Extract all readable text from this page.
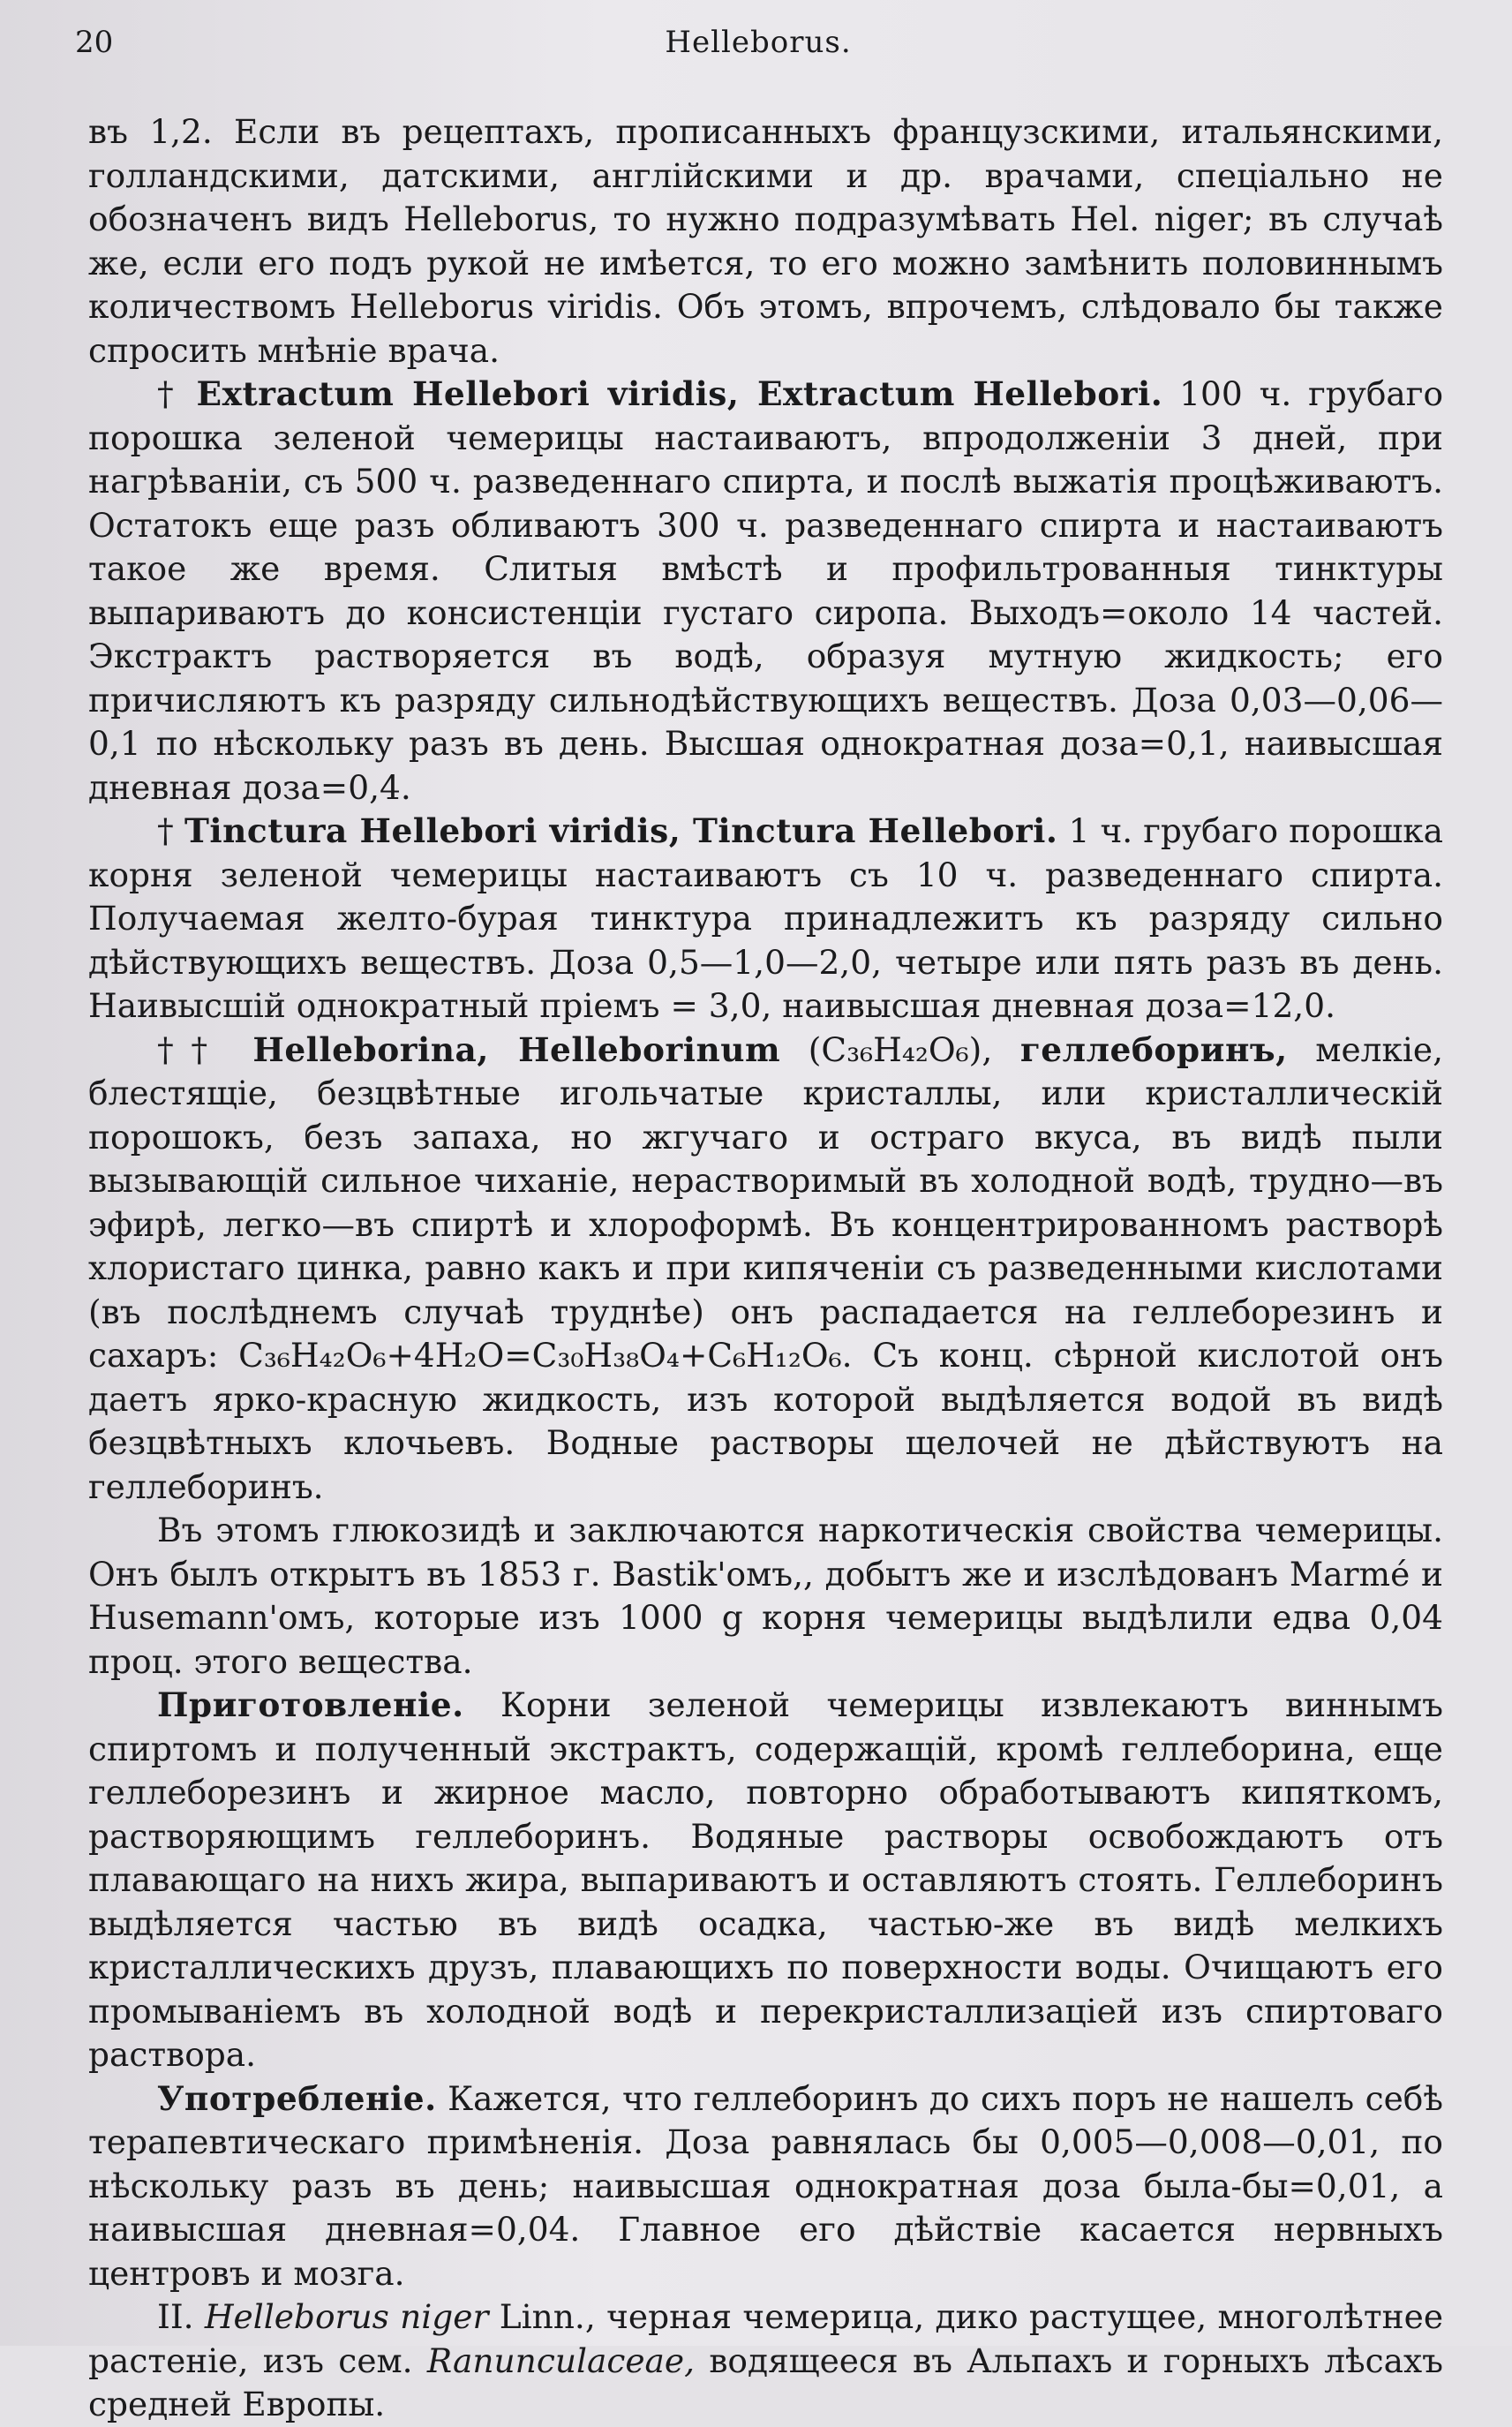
20	Helleborus.

въ 1,2. Если въ рецептахъ, прописанныхъ французскими, итальянскими, голландскими, датскими, англійскими и др. врачами, спеціально не обозначенъ видъ Helleborus, то нужно подразумѣвать Hel. niger; въ случаѣ же, если его подъ рукой не имѣется, то его можно замѣнить половиннымъ количествомъ Helleborus viridis. Объ этомъ, впрочемъ, слѣдовало бы также спросить мнѣніе врача.

† Extractum Hellebori viridis, Extractum Hellebori. 100 ч. грубаго порошка зеленой чемерицы настаиваютъ, впродолженіи 3 дней, при нагрѣваніи, съ 500 ч. разведеннаго спирта, и послѣ выжатія процѣживаютъ. Остатокъ еще разъ обливаютъ 300 ч. разведеннаго спирта и настаиваютъ такое же время. Слитыя вмѣстѣ и профильтрованныя тинктуры выпариваютъ до консистенціи густаго сиропа. Выходъ=около 14 частей. Экстрактъ растворяется въ водѣ, образуя мутную жидкость; его причисляютъ къ разряду сильнодѣйствующихъ веществъ. Доза 0,03—0,06—0,1 по нѣскольку разъ въ день. Высшая однократная доза=0,1, наивысшая дневная доза=0,4.

† Tinctura Hellebori viridis, Tinctura Hellebori. 1 ч. грубаго порошка корня зеленой чемерицы настаиваютъ съ 10 ч. разведеннаго спирта. Получаемая желто-бурая тинктура принадлежитъ къ разряду сильно дѣйствующихъ веществъ. Доза 0,5—1,0—2,0, четыре или пять разъ въ день. Наивысшій однократный пріемъ = 3,0, наивысшая дневная доза=12,0.

†† Helleborina, Helleborinum (C₃₆H₄₂O₆), геллеборинъ, мелкіе, блестящіе, безцвѣтные игольчатые кристаллы, или кристаллическій порошокъ, безъ запаха, но жгучаго и остраго вкуса, въ видѣ пыли вызывающій сильное чиханіе, нерастворимый въ холодной водѣ, трудно—въ эфирѣ, легко—въ спиртѣ и хлороформѣ. Въ концентрированномъ растворѣ хлористаго цинка, равно какъ и при кипяченіи съ разведенными кислотами (въ послѣднемъ случаѣ труднѣе) онъ распадается на геллеборезинъ и сахаръ: C₃₆H₄₂O₆+4H₂O=C₃₀H₃₈O₄+C₆H₁₂O₆. Съ конц. сѣрной кислотой онъ даетъ ярко-красную жидкость, изъ которой выдѣляется водой въ видѣ безцвѣтныхъ клочьевъ. Водные растворы щелочей не дѣйствуютъ на геллеборинъ.

Въ этомъ глюкозидѣ и заключаются наркотическія свойства чемерицы. Онъ былъ открытъ въ 1853 г. Bastik'омъ,, добытъ же и изслѣдованъ Marmé и Husemann'омъ, которые изъ 1000 g корня чемерицы выдѣлили едва 0,04 проц. этого вещества.

Приготовленіе. Корни зеленой чемерицы извлекаютъ виннымъ спиртомъ и полученный экстрактъ, содержащій, кромѣ геллеборина, еще геллеборезинъ и жирное масло, повторно обработываютъ кипяткомъ, растворяющимъ геллеборинъ. Водяные растворы освобождаютъ отъ плавающаго на нихъ жира, выпариваютъ и оставляютъ стоять. Геллеборинъ выдѣляется частью въ видѣ осадка, частью-же въ видѣ мелкихъ кристаллическихъ друзъ, плавающихъ по поверхности воды. Очищаютъ его промываніемъ въ холодной водѣ и перекристаллизаціей изъ спиртоваго раствора.

Употребленіе. Кажется, что геллеборинъ до сихъ поръ не нашелъ себѣ терапевтическаго примѣненія. Доза равнялась бы 0,005—0,008—0,01, по нѣскольку разъ въ день; наивысшая однократная доза была-бы=0,01, а наивысшая дневная=0,04. Главное его дѣйствіе касается нервныхъ центровъ и мозга.

II. Helleborus niger Linn., черная чемерица, дико растущее, многолѣтнее растеніе, изъ сем. Ranunculaceae, водящееся въ Альпахъ и горныхъ лѣсахъ средней Европы.
